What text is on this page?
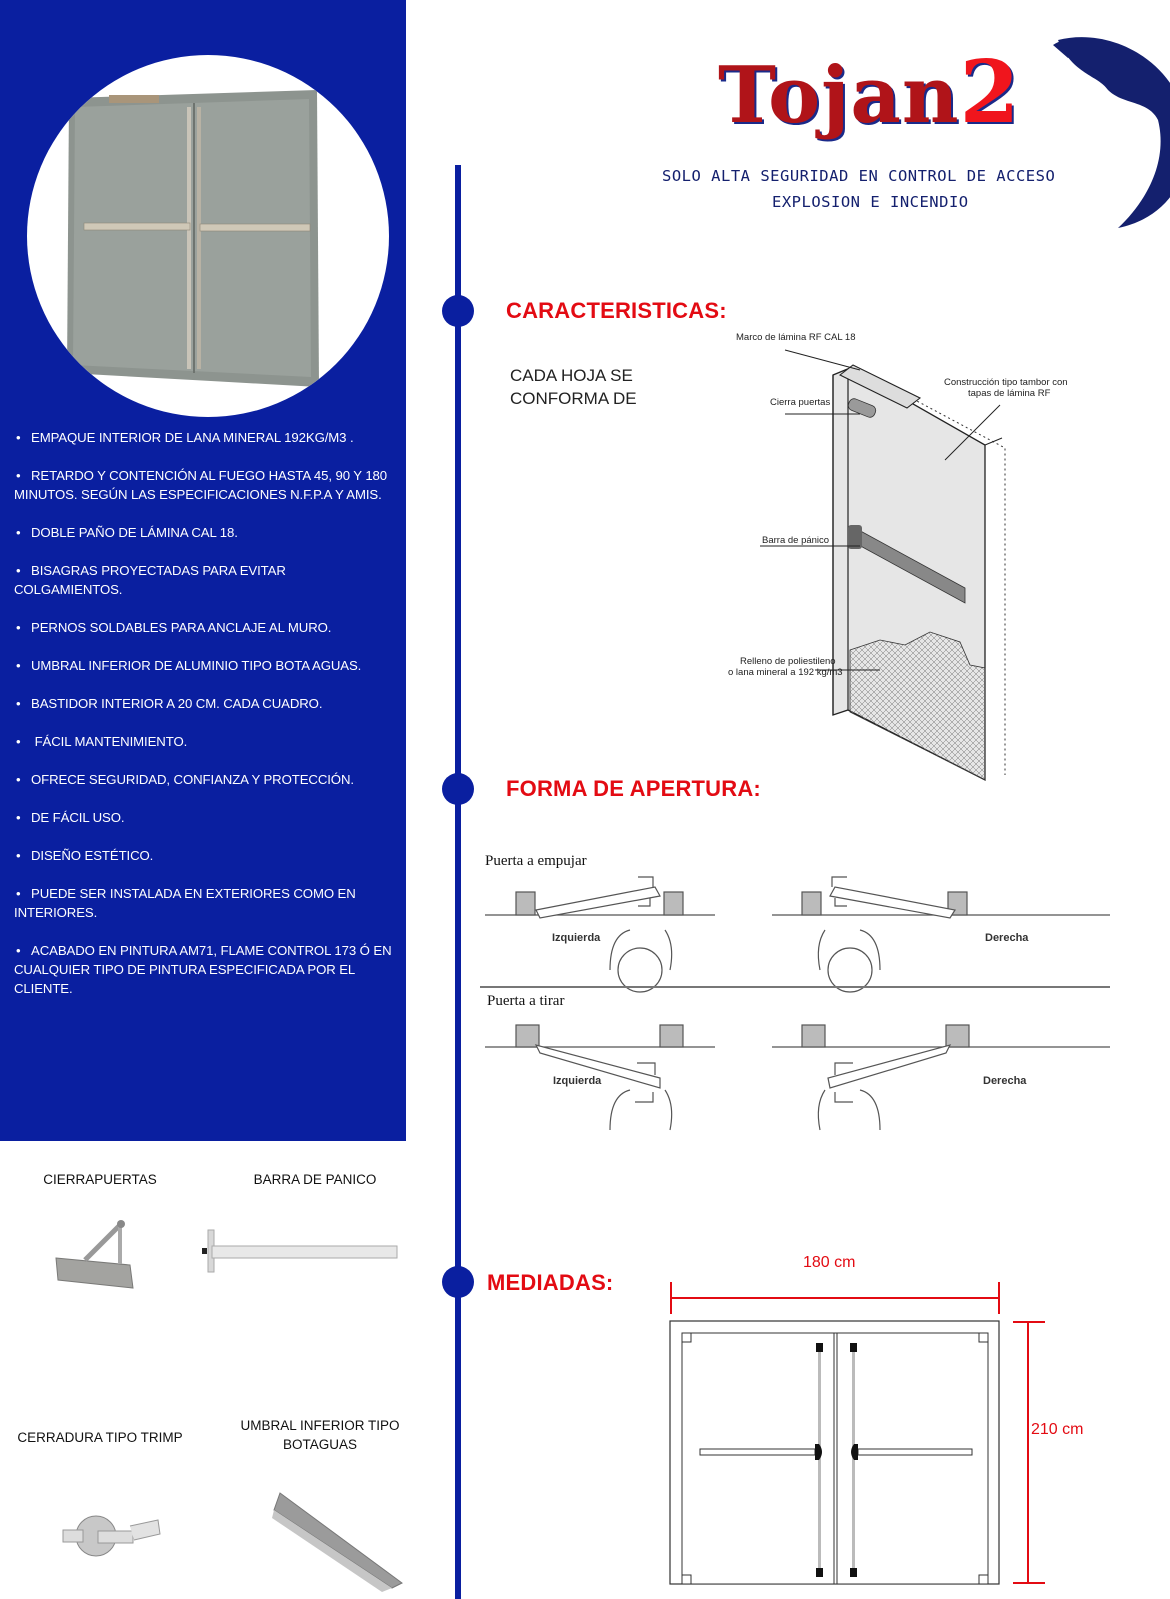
• EMPAQUE INTERIOR DE LANA MINERAL 192KG/M3 .
• RETARDO Y CONTENCIÓN AL FUEGO HASTA 45, 90 Y 180 MINUTOS. SEGÚN LAS ESPECIFICACIONES N.F.P.A Y AMIS.
• DOBLE PAÑO DE LÁMINA CAL 18.
• BISAGRAS PROYECTADAS PARA EVITAR COLGAMIENTOS.
• PERNOS SOLDABLES PARA ANCLAJE AL MURO.
• UMBRAL INFERIOR DE ALUMINIO TIPO BOTA AGUAS.
• BASTIDOR INTERIOR A 20 CM. CADA CUADRO.
• FÁCIL MANTENIMIENTO.
• OFRECE SEGURIDAD, CONFIANZA Y PROTECCIÓN.
• DE FÁCIL USO.
• DISEÑO ESTÉTICO.
• PUEDE SER INSTALADA EN EXTERIORES COMO EN INTERIORES.
• ACABADO EN PINTURA AM71, FLAME CONTROL 173 Ó EN CUALQUIER TIPO DE PINTURA ESPECIFICADA POR EL CLIENTE.
Tojan2
SOLO ALTA SEGURIDAD EN CONTROL DE ACCESO
EXPLOSION E INCENDIO
CARACTERISTICAS:
CADA HOJA SE
CONFORMA DE
Marco de lámina RF CAL 18
Construcción tipo tambor con
tapas de lámina RF
Cierra puertas
Barra de pánico
Relleno de poliestileno
o lana mineral a 192 kg/m3
FORMA DE APERTURA:
Puerta a empujar
Puerta a tirar
Izquierda	Derecha
Izquierda	Derecha
CIERRAPUERTAS	BARRA DE PANICO
CERRADURA TIPO TRIMP
UMBRAL INFERIOR TIPO
BOTAGUAS
MEDIADAS:
180 cm
210 cm
